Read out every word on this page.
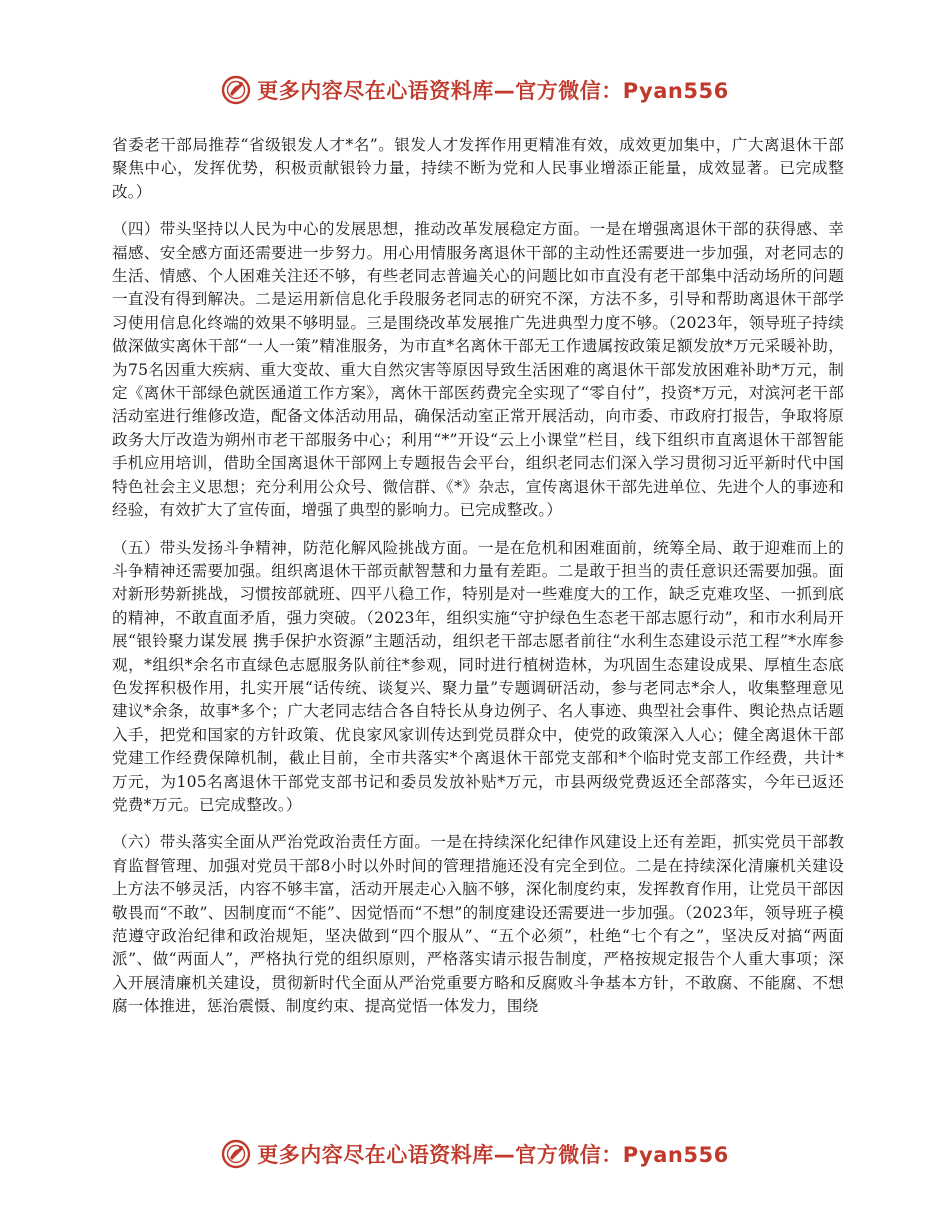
更多内容尽在心语资料库—官方微信：Pyan556

省委老干部局推荐“省级银发人才*名”。银发人才发挥作用更精准有效，成效更加集中，广大离退休干部聚焦中心，发挥优势，积极贡献银铃力量，持续不断为党和人民事业增添正能量，成效显著。已完成整改。）

（四）带头坚持以人民为中心的发展思想，推动改革发展稳定方面。一是在增强离退休干部的获得感、幸福感、安全感方面还需要进一步努力。用心用情服务离退休干部的主动性还需要进一步加强，对老同志的生活、情感、个人困难关注还不够，有些老同志普遍关心的问题比如市直没有老干部集中活动场所的问题一直没有得到解决。二是运用新信息化手段服务老同志的研究不深，方法不多，引导和帮助离退休干部学习使用信息化终端的效果不够明显。三是围绕改革发展推广先进典型力度不够。（2023年，领导班子持续做深做实离休干部“一人一策”精准服务，为市直*名离休干部无工作遗属按政策足额发放*万元采暖补助，为75名因重大疾病、重大变故、重大自然灾害等原因导致生活困难的离退休干部发放困难补助*万元，制定《离休干部绿色就医通道工作方案》，离休干部医药费完全实现了“零自付”，投资*万元，对滨河老干部活动室进行维修改造，配备文体活动用品，确保活动室正常开展活动，向市委、市政府打报告，争取将原政务大厅改造为朔州市老干部服务中心；利用“*”开设“云上小课堂”栏目，线下组织市直离退休干部智能手机应用培训，借助全国离退休干部网上专题报告会平台，组织老同志们深入学习贯彻习近平新时代中国特色社会主义思想；充分利用公众号、微信群、《*》杂志，宣传离退休干部先进单位、先进个人的事迹和经验，有效扩大了宣传面，增强了典型的影响力。已完成整改。）

（五）带头发扬斗争精神，防范化解风险挑战方面。一是在危机和困难面前，统筹全局、敢于迎难而上的斗争精神还需要加强。组织离退休干部贡献智慧和力量有差距。二是敢于担当的责任意识还需要加强。面对新形势新挑战，习惯按部就班、四平八稳工作，特别是对一些难度大的工作，缺乏克难攻坚、一抓到底的精神，不敢直面矛盾，强力突破。（2023年，组织实施“守护绿色生态老干部志愿行动”，和市水利局开展“银铃聚力谋发展 携手保护水资源”主题活动，组织老干部志愿者前往“水利生态建设示范工程”*水库参观，*组织*余名市直绿色志愿服务队前往*参观，同时进行植树造林，为巩固生态建设成果、厚植生态底色发挥积极作用，扎实开展“话传统、谈复兴、聚力量”专题调研活动，参与老同志*余人，收集整理意见建议*余条，故事*多个；广大老同志结合各自特长从身边例子、名人事迹、典型社会事件、舆论热点话题入手，把党和国家的方针政策、优良家风家训传达到党员群众中，使党的政策深入人心；健全离退休干部党建工作经费保障机制，截止目前，全市共落实*个离退休干部党支部和*个临时党支部工作经费，共计*万元，为105名离退休干部党支部书记和委员发放补贴*万元，市县两级党费返还全部落实，今年已返还党费*万元。已完成整改。）

（六）带头落实全面从严治党政治责任方面。一是在持续深化纪律作风建设上还有差距，抓实党员干部教育监督管理、加强对党员干部8小时以外时间的管理措施还没有完全到位。二是在持续深化清廉机关建设上方法不够灵活，内容不够丰富，活动开展走心入脑不够，深化制度约束，发挥教育作用，让党员干部因敬畏而“不敢”、因制度而“不能”、因觉悟而“不想”的制度建设还需要进一步加强。（2023年，领导班子模范遵守政治纪律和政治规矩，坚决做到“四个服从”、“五个必须”，杜绝“七个有之”，坚决反对搞“两面派”、做“两面人”，严格执行党的组织原则，严格落实请示报告制度，严格按规定报告个人重大事项；深入开展清廉机关建设，贯彻新时代全面从严治党重要方略和反腐败斗争基本方针，不敢腐、不能腐、不想腐一体推进，惩治震慑、制度约束、提高觉悟一体发力，围绕

更多内容尽在心语资料库—官方微信：Pyan556
